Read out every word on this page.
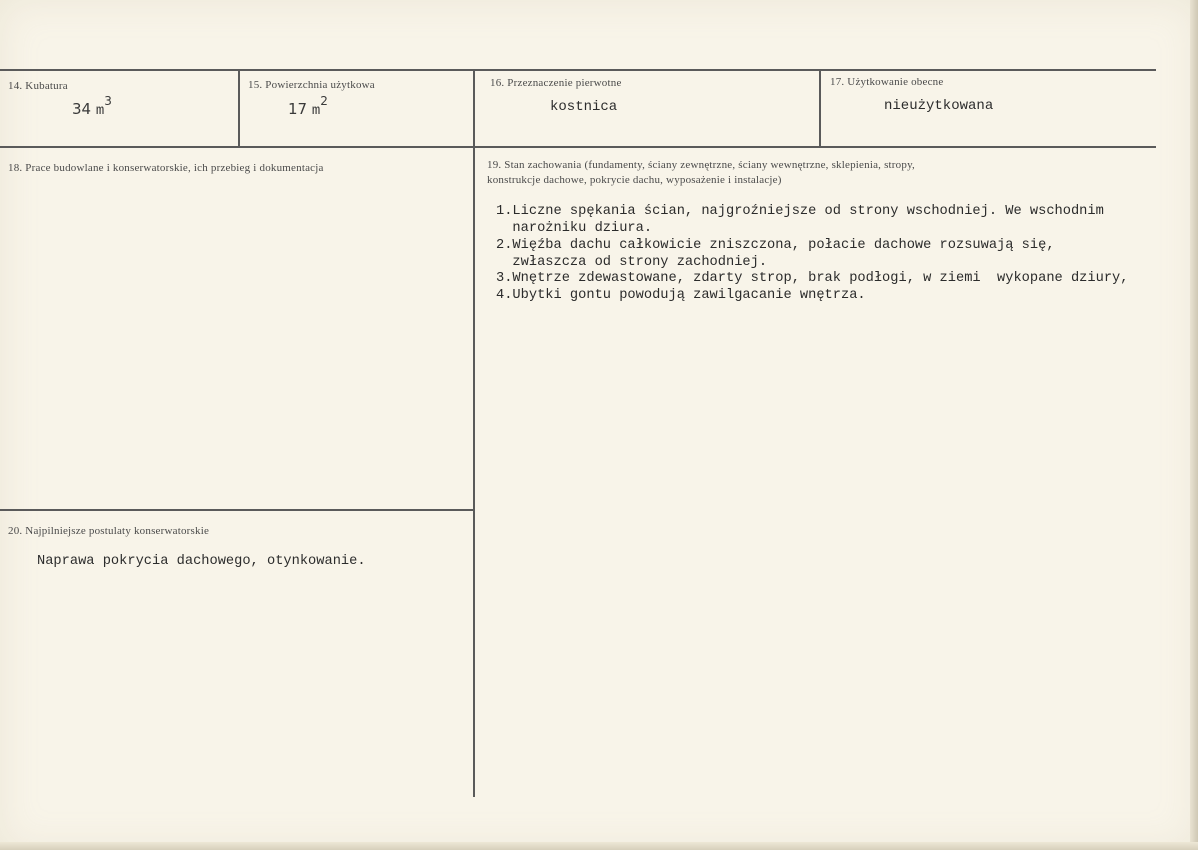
14. Kubatura
34 $m^3$
15. Powierzchnia użytkowa
17 $m^2$
16. Przeznaczenie pierwotne
kostnica
17. Użytkowanie obecne
nieużytkowana
18. Prace budowlane i konserwatorskie, ich przebieg i dokumentacja	19. Stan zachowania (fundamenty, ściany zewnętrzne, ściany wewnętrzne, sklepienia, stropy,
konstrukcje dachowe, pokrycie dachu, wyposażenie i instalacje)
1.Liczne spękania ścian, najgroźniejsze od strony wschodniej. We wschodnim
narożniku dziura.
2.Więźba dachu całkowicie zniszczona, połacie dachowe rozsuwają się,
zwłaszcza od strony zachodniej.
3.Wnętrze zdewastowane, zdarty strop, brak podłogi, w ziemi  wykopane dziury,
4.Ubytki gontu powodują zawilgacanie wnętrza.
20. Najpilniejsze postulaty konserwatorskie
Naprawa pokrycia dachowego, otynkowanie.
